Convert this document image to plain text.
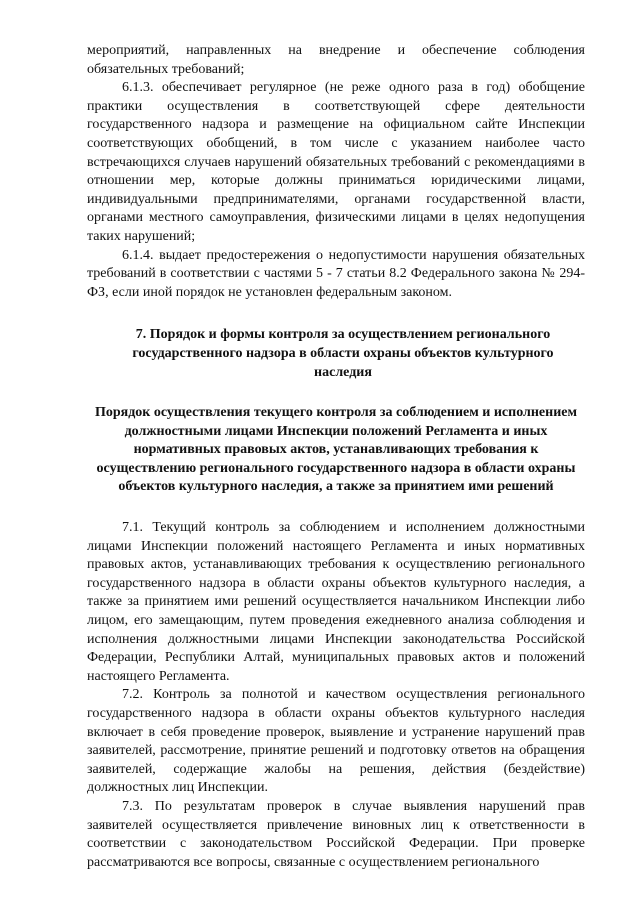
мероприятий, направленных на внедрение и обеспечение соблюдения обязательных требований;

6.1.3. обеспечивает регулярное (не реже одного раза в год) обобщение практики осуществления в соответствующей сфере деятельности государственного надзора и размещение на официальном сайте Инспекции соответствующих обобщений, в том числе с указанием наиболее часто встречающихся случаев нарушений обязательных требований с рекомендациями в отношении мер, которые должны приниматься юридическими лицами, индивидуальными предпринимателями, органами государственной власти, органами местного самоуправления, физическими лицами в целях недопущения таких нарушений;

6.1.4. выдает предостережения о недопустимости нарушения обязательных требований в соответствии с частями 5 - 7 статьи 8.2 Федерального закона № 294-ФЗ, если иной порядок не установлен федеральным законом.

7. Порядок и формы контроля за осуществлением регионального государственного надзора в области охраны объектов культурного наследия
Порядок осуществления текущего контроля за соблюдением и исполнением должностными лицами Инспекции положений Регламента и иных нормативных правовых актов, устанавливающих требования к осуществлению регионального государственного надзора в области охраны объектов культурного наследия, а также за принятием ими решений

7.1. Текущий контроль за соблюдением и исполнением должностными лицами Инспекции положений настоящего Регламента и иных нормативных правовых актов, устанавливающих требования к осуществлению регионального государственного надзора в области охраны объектов культурного наследия, а также за принятием ими решений осуществляется начальником Инспекции либо лицом, его замещающим, путем проведения ежедневного анализа соблюдения и исполнения должностными лицами Инспекции законодательства Российской Федерации, Республики Алтай, муниципальных правовых актов и положений настоящего Регламента.

7.2. Контроль за полнотой и качеством осуществления регионального государственного надзора в области охраны объектов культурного наследия включает в себя проведение проверок, выявление и устранение нарушений прав заявителей, рассмотрение, принятие решений и подготовку ответов на обращения заявителей, содержащие жалобы на решения, действия (бездействие) должностных лиц Инспекции.

7.3. По результатам проверок в случае выявления нарушений прав заявителей осуществляется привлечение виновных лиц к ответственности в соответствии с законодательством Российской Федерации. При проверке рассматриваются все вопросы, связанные с осуществлением регионального
